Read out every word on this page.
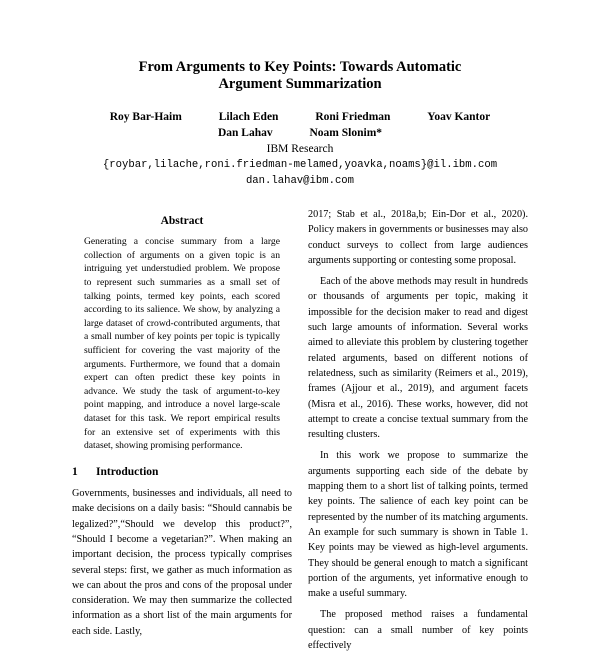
From Arguments to Key Points: Towards Automatic
Argument Summarization
Roy Bar-Haim	Lilach Eden	Roni Friedman	Yoav Kantor
Dan Lahav	Noam Slonim*
IBM Research
{roybar,lilache,roni.friedman-melamed,yoavka,noams}@il.ibm.com
dan.lahav@ibm.com
Abstract

Generating a concise summary from a large collection of arguments on a given topic is an intriguing yet understudied problem. We propose to represent such summaries as a small set of talking points, termed key points, each scored according to its salience. We show, by analyzing a large dataset of crowd-contributed arguments, that a small number of key points per topic is typically sufficient for covering the vast majority of the arguments. Furthermore, we found that a domain expert can often predict these key points in advance. We study the task of argument-to-key point mapping, and introduce a novel large-scale dataset for this task. We report empirical results for an extensive set of experiments with this dataset, showing promising performance.

1 Introduction

Governments, businesses and individuals, all need to make decisions on a daily basis: “Should cannabis be legalized?”,“Should we develop this product?”, “Should I become a vegetarian?”. When making an important decision, the process typically comprises several steps: first, we gather as much information as we can about the pros and cons of the proposal under consideration. We may then summarize the collected information as a short list of the main arguments for each side. Lastly,

2017; Stab et al., 2018a,b; Ein-Dor et al., 2020). Policy makers in governments or businesses may also conduct surveys to collect from large audiences arguments supporting or contesting some proposal.

Each of the above methods may result in hundreds or thousands of arguments per topic, making it impossible for the decision maker to read and digest such large amounts of information. Several works aimed to alleviate this problem by clustering together related arguments, based on different notions of relatedness, such as similarity (Reimers et al., 2019), frames (Ajjour et al., 2019), and argument facets (Misra et al., 2016). These works, however, did not attempt to create a concise textual summary from the resulting clusters.

In this work we propose to summarize the arguments supporting each side of the debate by mapping them to a short list of talking points, termed key points. The salience of each key point can be represented by the number of its matching arguments. An example for such summary is shown in Table 1. Key points may be viewed as high-level arguments. They should be general enough to match a significant portion of the arguments, yet informative enough to make a useful summary.

The proposed method raises a fundamental question: can a small number of key points effectively
